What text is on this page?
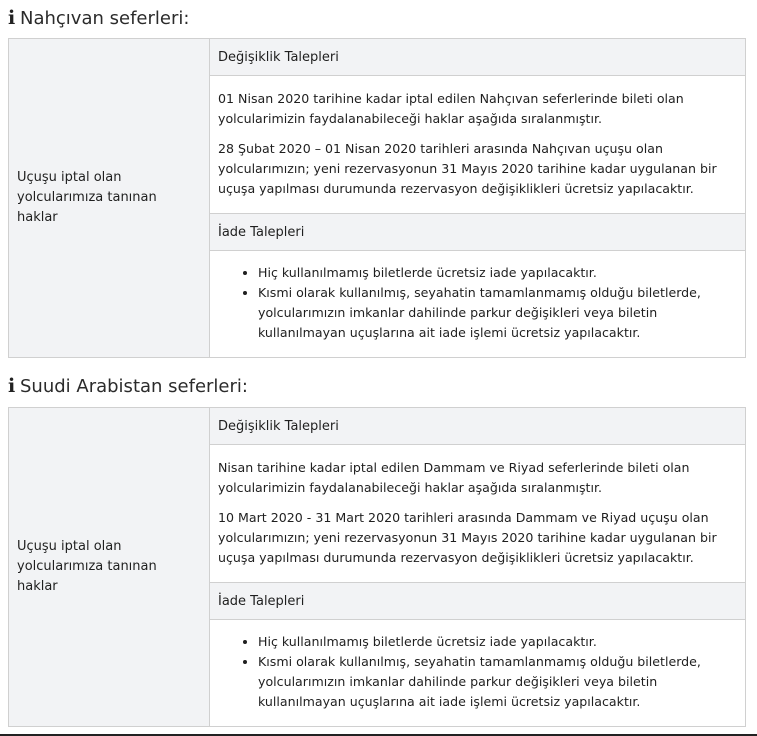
i Nahçıvan seferleri:
Uçuşu iptal olan yolcularımıza tanınan haklar	Değişiklik Talepleri

01 Nisan 2020 tarihine kadar iptal edilen Nahçıvan seferlerinde bileti olan yolcularimizin faydalanabileceği haklar aşağıda sıralanmıştır.

28 Şubat 2020 – 01 Nisan 2020 tarihleri arasında Nahçıvan uçuşu olan yolcularımızın; yeni rezervasyonun 31 Mayıs 2020 tarihine kadar uygulanan bir uçuşa yapılması durumunda rezervasyon değişiklikleri ücretsiz yapılacaktır.

İade Talepleri

• Hiç kullanılmamış biletlerde ücretsiz iade yapılacaktır.
• Kısmi olarak kullanılmış, seyahatin tamamlanmamış olduğu biletlerde, yolcularımızın imkanlar dahilinde parkur değişikleri veya biletin kullanılmayan uçuşlarına ait iade işlemi ücretsiz yapılacaktır.
i Suudi Arabistan seferleri:
Uçuşu iptal olan yolcularımıza tanınan haklar	Değişiklik Talepleri

Nisan tarihine kadar iptal edilen Dammam ve Riyad seferlerinde bileti olan yolcularimizin faydalanabileceği haklar aşağıda sıralanmıştır.

10 Mart 2020 - 31 Mart 2020 tarihleri arasında Dammam ve Riyad uçuşu olan yolcularımızın; yeni rezervasyonun 31 Mayıs 2020 tarihine kadar uygulanan bir uçuşa yapılması durumunda rezervasyon değişiklikleri ücretsiz yapılacaktır.

İade Talepleri

• Hiç kullanılmamış biletlerde ücretsiz iade yapılacaktır.
• Kısmi olarak kullanılmış, seyahatin tamamlanmamış olduğu biletlerde, yolcularımızın imkanlar dahilinde parkur değişikleri veya biletin kullanılmayan uçuşlarına ait iade işlemi ücretsiz yapılacaktır.
